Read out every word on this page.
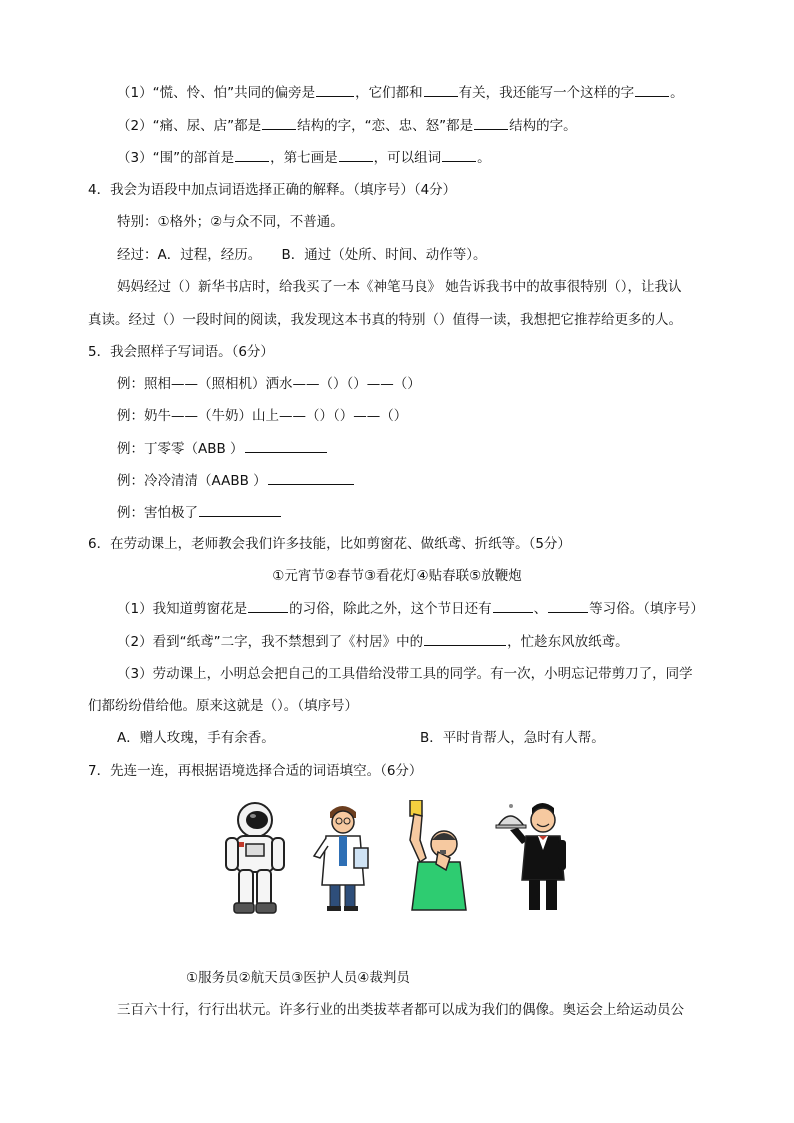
（1）“慌、怜、怕”共同的偏旁是	，它们都和	有关，我还能写一个这样的字	。
（2）“痛、尿、店”都是	结构的字，“恋、忠、怒”都是	结构的字。
（3）“围”的部首是	，第七画是	，可以组词	。
4．我会为语段中加点词语选择正确的解释。（填序号）（4分）
特别：①格外；②与众不同，不普通。
经过：A．过程，经历。　　B．通过（处所、时间、动作等）。
妈妈经过（）新华书店时，给我买了一本《神笔马良》 她告诉我书中的故事很特别（），让我认
真读。经过（）一段时间的阅读，我发现这本书真的特别（）值得一读，我想把它推荐给更多的人。
5．我会照样子写词语。（6分）
例：照相——（照相机）洒水——（）（）——（）
例：奶牛——（牛奶）山上——（）（）——（）
例：丁零零（ABB ）
例：冷冷清清（AABB ）
例：害怕极了
6．在劳动课上，老师教会我们许多技能，比如剪窗花、做纸鸢、折纸等。（5分）
①元宵节②春节③看花灯④贴春联⑤放鞭炮
（1）我知道剪窗花是	的习俗，除此之外，这个节日还有	、	等习俗。（填序号）
（2）看到“纸鸢”二字，我不禁想到了《村居》中的	，忙趁东风放纸鸢。
（3）劳动课上，小明总会把自己的工具借给没带工具的同学。有一次，小明忘记带剪刀了，同学
们都纷纷借给他。原来这就是（）。（填序号）
A．赠人玫瑰，手有余香。	B．平时肯帮人，急时有人帮。
7．先连一连，再根据语境选择合适的词语填空。（6分）
①服务员②航天员③医护人员④裁判员
三百六十行，行行出状元。许多行业的出类拔萃者都可以成为我们的偶像。奥运会上给运动员公
